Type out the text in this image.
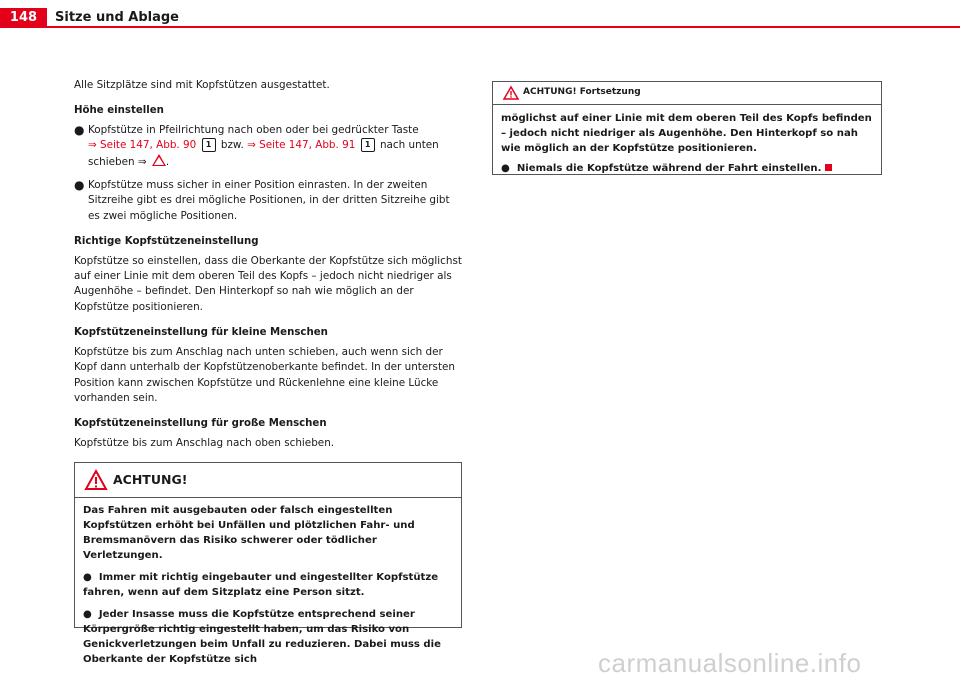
148	Sitze und Ablage

Alle Sitzplätze sind mit Kopfstützen ausgestattet.

Höhe einstellen

● Kopfstütze in Pfeilrichtung nach oben oder bei gedrückter Taste
⇒ Seite 147, Abb. 90 1 bzw. ⇒ Seite 147, Abb. 91 1 nach unten schieben ⇒ .

● Kopfstütze muss sicher in einer Position einrasten. In der zweiten Sitzreihe gibt es drei mögliche Positionen, in der dritten Sitzreihe gibt es zwei mögliche Positionen.

Richtige Kopfstützeneinstellung

Kopfstütze so einstellen, dass die Oberkante der Kopfstütze sich möglichst auf einer Linie mit dem oberen Teil des Kopfs – jedoch nicht niedriger als Augenhöhe – befindet. Den Hinterkopf so nah wie möglich an der Kopfstütze positionieren.

Kopfstützeneinstellung für kleine Menschen

Kopfstütze bis zum Anschlag nach unten schieben, auch wenn sich der Kopf dann unterhalb der Kopfstützenoberkante befindet. In der untersten Position kann zwischen Kopfstütze und Rückenlehne eine kleine Lücke vorhanden sein.

Kopfstützeneinstellung für große Menschen

Kopfstütze bis zum Anschlag nach oben schieben.

ACHTUNG!

Das Fahren mit ausgebauten oder falsch eingestellten Kopfstützen erhöht bei Unfällen und plötzlichen Fahr- und Bremsmanövern das Risiko schwerer oder tödlicher Verletzungen.

●  Immer mit richtig eingebauter und eingestellter Kopfstütze fahren, wenn auf dem Sitzplatz eine Person sitzt.

●  Jeder Insasse muss die Kopfstütze entsprechend seiner Körpergröße richtig eingestellt haben, um das Risiko von Genickverletzungen beim Unfall zu reduzieren. Dabei muss die Oberkante der Kopfstütze sich

ACHTUNG! Fortsetzung

möglichst auf einer Linie mit dem oberen Teil des Kopfs befinden – jedoch nicht niedriger als Augenhöhe. Den Hinterkopf so nah wie möglich an der Kopfstütze positionieren.

●  Niemals die Kopfstütze während der Fahrt einstellen.

carmanualsonline.info
